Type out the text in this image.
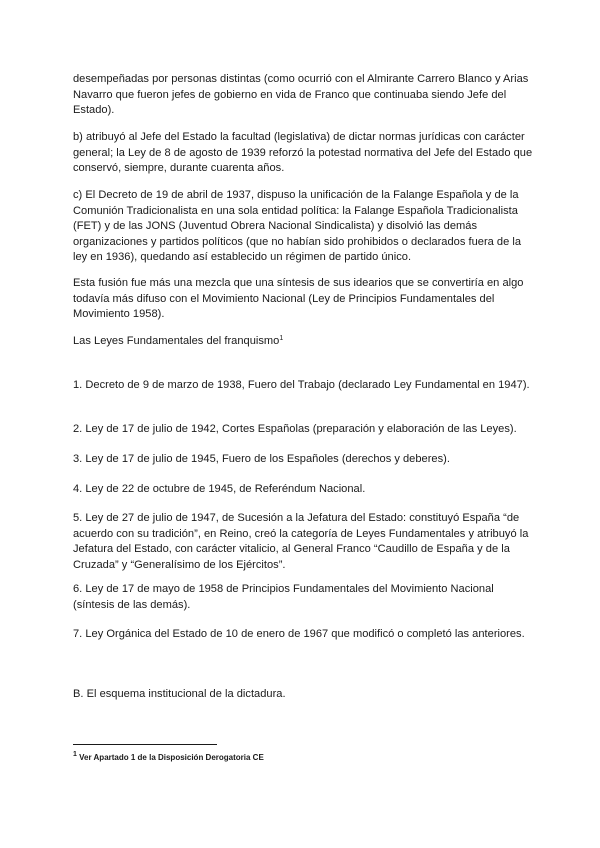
desempeñadas por personas distintas (como ocurrió con el Almirante Carrero Blanco y Arias Navarro que fueron jefes de gobierno en vida de Franco que continuaba siendo Jefe del Estado).

b) atribuyó al Jefe del Estado la facultad (legislativa) de dictar normas jurídicas con carácter general; la Ley de 8 de agosto de 1939 reforzó la potestad normativa del Jefe del Estado que conservó, siempre, durante cuarenta años.

c) El Decreto de 19 de abril de 1937, dispuso la unificación de la Falange Española y de la Comunión Tradicionalista en una sola entidad política: la Falange Española Tradicionalista (FET) y de las JONS (Juventud Obrera Nacional Sindicalista) y disolvió las demás organizaciones y partidos políticos (que no habían sido prohibidos o declarados fuera de la ley en 1936), quedando así establecido un régimen de partido único.

Esta fusión fue más una mezcla que una síntesis de sus idearios que se convertiría en algo todavía más difuso con el Movimiento Nacional (Ley de Principios Fundamentales del Movimiento 1958).

Las Leyes Fundamentales del franquismo$^1$

1. Decreto de 9 de marzo de 1938, Fuero del Trabajo (declarado Ley Fundamental en 1947).

2. Ley de 17 de julio de 1942, Cortes Españolas (preparación y elaboración de las Leyes).

3. Ley de 17 de julio de 1945, Fuero de los Españoles (derechos y deberes).

4. Ley de 22 de octubre de 1945, de Referéndum Nacional.

5. Ley de 27 de julio de 1947, de Sucesión a la Jefatura del Estado: constituyó España “de acuerdo con su tradición”, en Reino, creó la categoría de Leyes Fundamentales y atribuyó la Jefatura del Estado, con carácter vitalicio, al General Franco “Caudillo de España y de la Cruzada” y “Generalísimo de los Ejércitos”.

6. Ley de 17 de mayo de 1958 de Principios Fundamentales del Movimiento Nacional (síntesis de las demás).

7. Ley Orgánica del Estado de 10 de enero de 1967 que modificó o completó las anteriores.

B. El esquema institucional de la dictadura.

$^1$ Ver Apartado 1 de la Disposición Derogatoria CE
